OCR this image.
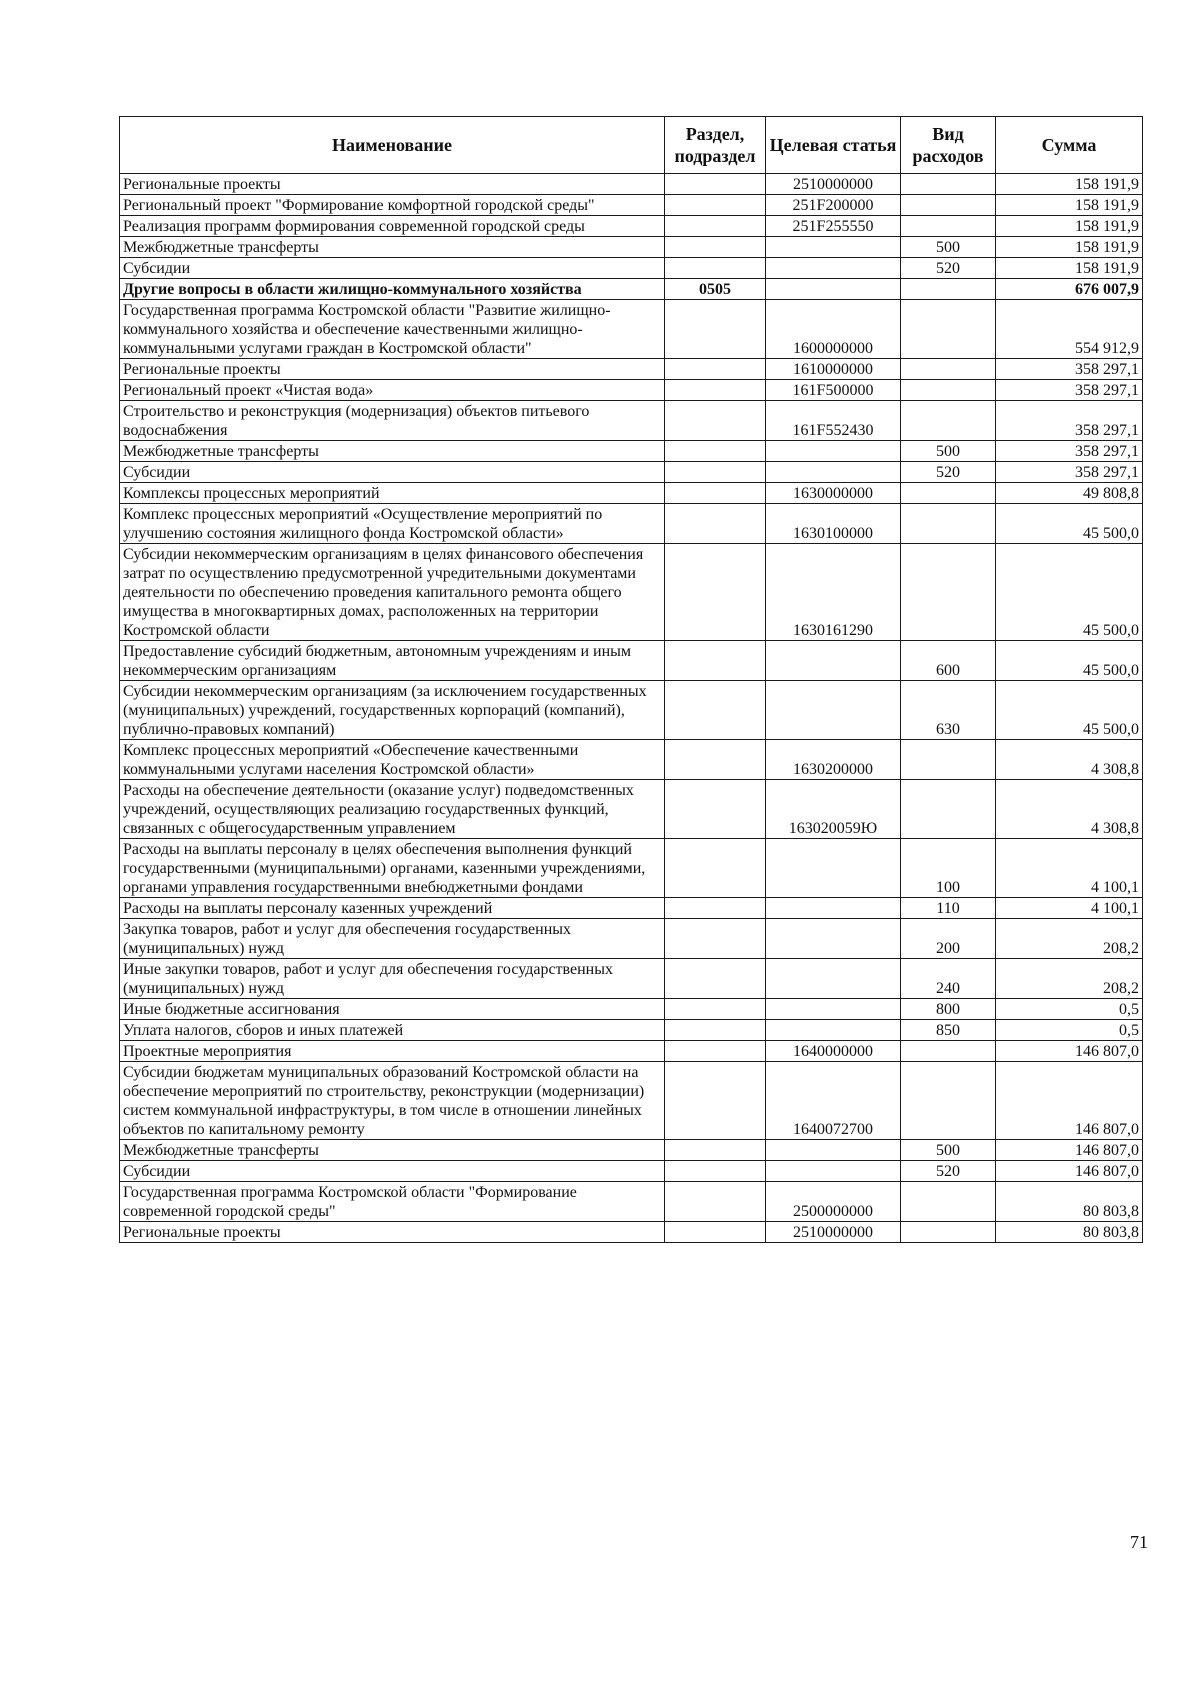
Наименование	Раздел, подраздел	Целевая статья	Вид расходов	Сумма
Региональные проекты		2510000000		158 191,9
Региональный проект "Формирование комфортной городской среды"		251F200000		158 191,9
Реализация программ формирования современной городской среды		251F255550		158 191,9
Межбюджетные трансферты			500	158 191,9
Субсидии			520	158 191,9
Другие вопросы в области жилищно-коммунального хозяйства	0505			676 007,9
Государственная программа Костромской области "Развитие жилищно-коммунального хозяйства и обеспечение качественными жилищно-коммунальными услугами граждан в Костромской области"		1600000000		554 912,9
Региональные проекты		1610000000		358 297,1
Региональный проект «Чистая вода»		161F500000		358 297,1
Строительство и реконструкция (модернизация) объектов питьевого водоснабжения		161F552430		358 297,1
Межбюджетные трансферты			500	358 297,1
Субсидии			520	358 297,1
Комплексы процессных мероприятий		1630000000		49 808,8
Комплекс процессных мероприятий «Осуществление мероприятий по улучшению состояния жилищного фонда Костромской области»		1630100000		45 500,0
Субсидии некоммерческим организациям в целях финансового обеспечения затрат по осуществлению предусмотренной учредительными документами деятельности по обеспечению проведения капитального ремонта общего имущества в многоквартирных домах, расположенных на территории Костромской области		1630161290		45 500,0
Предоставление субсидий бюджетным, автономным учреждениям и иным некоммерческим организациям			600	45 500,0
Субсидии некоммерческим организациям (за исключением государственных (муниципальных) учреждений, государственных корпораций (компаний), публично-правовых компаний)			630	45 500,0
Комплекс процессных мероприятий «Обеспечение качественными коммунальными услугами населения Костромской области»		1630200000		4 308,8
Расходы на обеспечение деятельности (оказание услуг) подведомственных учреждений, осуществляющих реализацию государственных функций, связанных с общегосударственным управлением		163020059Ю		4 308,8
Расходы на выплаты персоналу в целях обеспечения выполнения функций государственными (муниципальными) органами, казенными учреждениями, органами управления государственными внебюджетными фондами			100	4 100,1
Расходы на выплаты персоналу казенных учреждений			110	4 100,1
Закупка товаров, работ и услуг для обеспечения государственных (муниципальных) нужд			200	208,2
Иные закупки товаров, работ и услуг для обеспечения государственных (муниципальных) нужд			240	208,2
Иные бюджетные ассигнования			800	0,5
Уплата налогов, сборов и иных платежей			850	0,5
Проектные мероприятия		1640000000		146 807,0
Субсидии бюджетам муниципальных образований Костромской области на обеспечение мероприятий по строительству, реконструкции (модернизации) систем коммунальной инфраструктуры, в том числе в отношении линейных объектов по капитальному ремонту		1640072700		146 807,0
Межбюджетные трансферты			500	146 807,0
Субсидии			520	146 807,0
Государственная программа Костромской области "Формирование современной городской среды"		2500000000		80 803,8
Региональные проекты		2510000000		80 803,8
71
